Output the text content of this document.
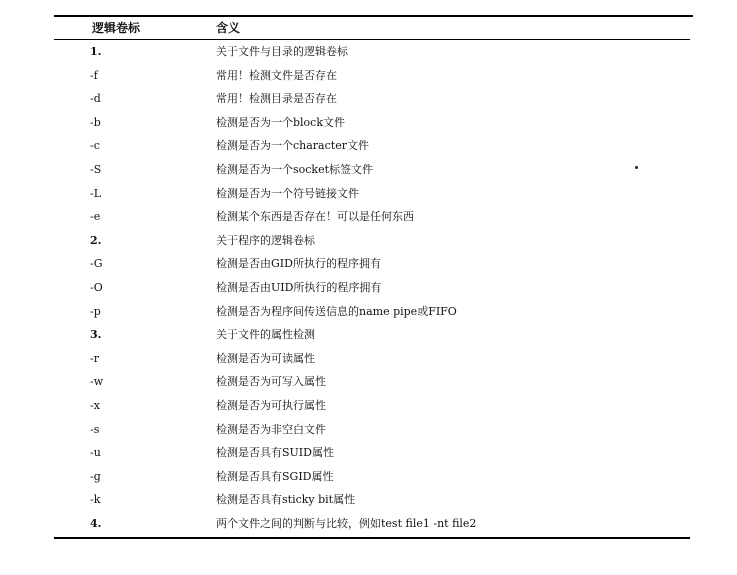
逻辑卷标	含义
1.	关于文件与目录的逻辑卷标
-f	常用！检测文件是否存在
-d	常用！检测目录是否存在
-b	检测是否为一个block文件
-c	检测是否为一个character文件
-S	检测是否为一个socket标签文件
-L	检测是否为一个符号链接文件
-e	检测某个东西是否存在！可以是任何东西
2.	关于程序的逻辑卷标
-G	检测是否由GID所执行的程序拥有
-O	检测是否由UID所执行的程序拥有
-p	检测是否为程序间传送信息的name pipe或FIFO
3.	关于文件的属性检测
-r	检测是否为可读属性
-w	检测是否为可写入属性
-x	检测是否为可执行属性
-s	检测是否为非空白文件
-u	检测是否具有SUID属性
-g	检测是否具有SGID属性
-k	检测是否具有sticky bit属性
4.	两个文件之间的判断与比较，例如test file1 -nt file2
